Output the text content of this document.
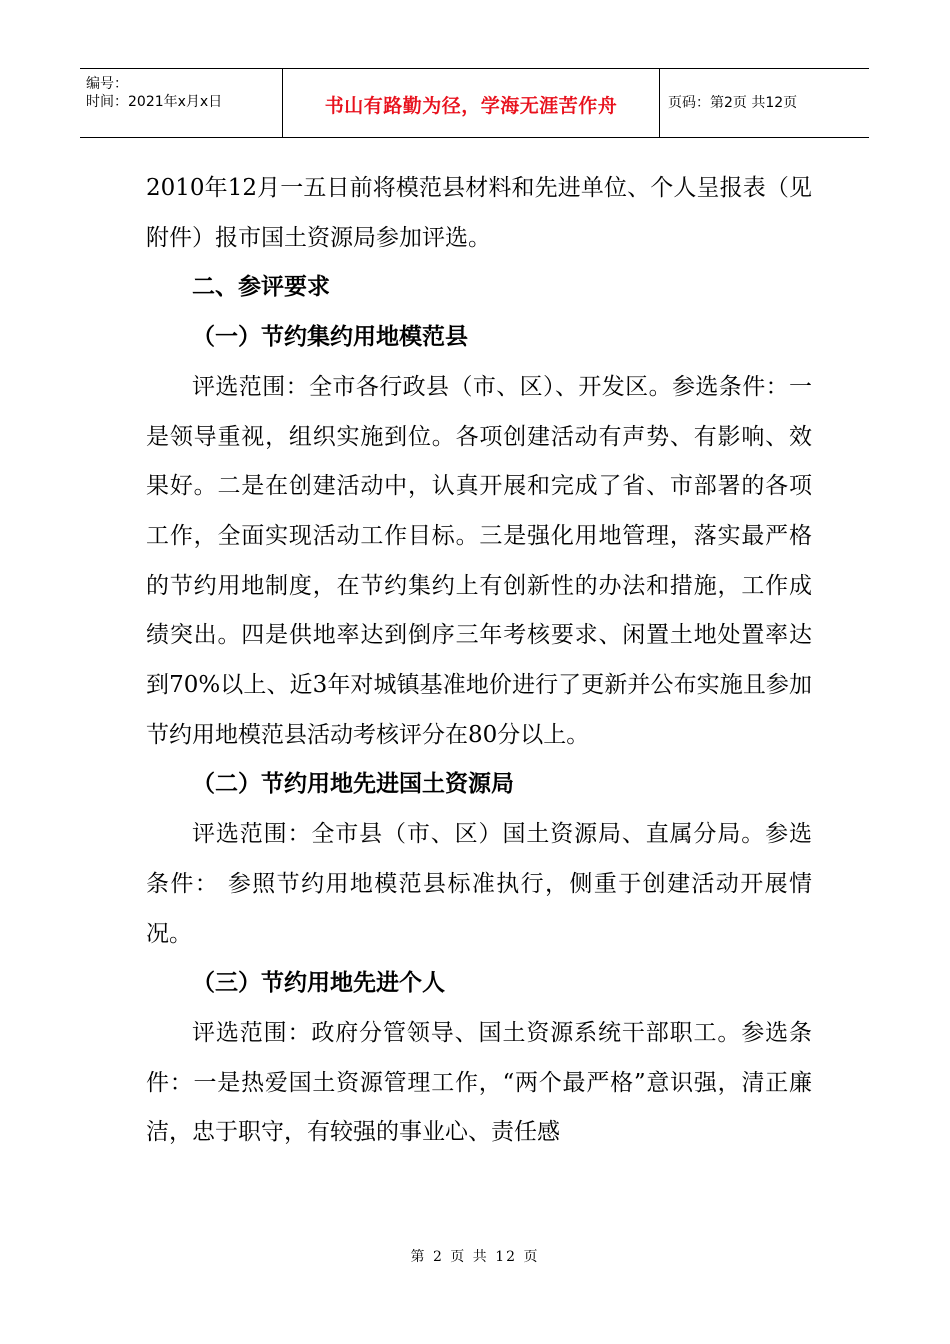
编号：
时间：2021年x月x日	书山有路勤为径，学海无涯苦作舟	页码：第2页 共12页

2010年12月一五日前将模范县材料和先进单位、个人呈报表（见附件）报市国土资源局参加评选。

二、参评要求

（一）节约集约用地模范县

评选范围：全市各行政县（市、区）、开发区。参选条件：一是领导重视，组织实施到位。各项创建活动有声势、有影响、效果好。二是在创建活动中，认真开展和完成了省、市部署的各项工作，全面实现活动工作目标。三是强化用地管理，落实最严格的节约用地制度，在节约集约上有创新性的办法和措施，工作成绩突出。四是供地率达到倒序三年考核要求、闲置土地处置率达到70%以上、近3年对城镇基准地价进行了更新并公布实施且参加节约用地模范县活动考核评分在80分以上。

（二）节约用地先进国土资源局

评选范围：全市县（市、区）国土资源局、直属分局。参选条件： 参照节约用地模范县标准执行，侧重于创建活动开展情况。

（三）节约用地先进个人

评选范围：政府分管领导、国土资源系统干部职工。参选条件：一是热爱国土资源管理工作，“两个最严格”意识强，清正廉洁，忠于职守，有较强的事业心、责任感

第 2 页 共 12 页
